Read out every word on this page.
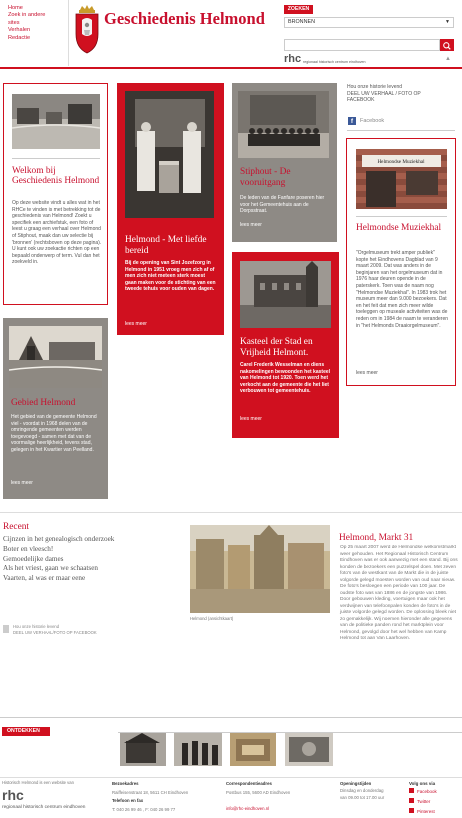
Home
Zoek in andere
sites
Verhalen
Redactie
Geschiedenis Helmond	ZOEKEN
BRONNEN	▼
rhc regionaal historisch centrum eindhoven	▲
Welkom bij Geschiedenis Helmond
Op deze website vindt u alles wat in het RHCe te vinden is met betrekking tot de geschiedenis van Helmond! Zoekt u specifiek een archiefstuk, een foto of leest u graag een verhaal over Helmond of Stiphout, maak dan uw selectie bij 'bronnen' (rechtsboven op deze pagina). U kunt ook uw zoekactie richten op een bepaald onderwerp of term. Vul dan het zoekveld in.
Helmond - Met liefde bereid
Bij de opening van Sint Jozefzorg in Helmond in 1951 vroeg men zich af of men zich niet meteen sterk moest gaan maken voor de stichting van een tweede tehuis voor ouden van dagen.
lees meer
Stiphout - De vooruitgang
De leden van de Fanfare poseren hier voor het Gemeentehuis aan de Dorpsstraat.
lees meer
Hou onze historie levend
DEEL UW VERHAAL / FOTO OP
FACEBOOK
f	Facebook
Helmondse Muziekhal
Helmondse Muziekhal
"Orgelmuseum trekt amper publiek" kopte het Eindhovens Dagblad van 9 maart 2009. Dat was anders in de beginjaren van het orgelmuseum dat in 1976 haar deuren opende in de paterskerk. Toen was de naam nog "Helmondse Muziekhal". In 1983 trok het museum meer dan 9.000 bezoekers. Dat en het feit dat men zich meer wilde toeleggen op museale activiteiten was de reden om in 1984 de naam te veranderen in "het Helmonds Draaiorgelmuseum".
lees meer
Kasteel der Stad en Vrijheid Helmont.
Carel Frederik Wesselman en diens nakomelingen bewoonden het kasteel van Helmond tot 1920. Toen werd het verkocht aan de gemeente die het liet verbouwen tot gemeentehuis.
lees meer
Gebied Helmond
Het gebied van de gemeente Helmond viel - voordat in 1968 delen van de omringende gemeenten werden toegevoegd - samen met dat van de voormalige heerlijkheid, tevens stad, gelegen in het Kwartier van Peelland.
lees meer
Recent
Cijnzen in het genealogisch onderzoek
Boter en vleesch!
Gemoedelijke dames
Als het vriest, gaan we schaatsen
Vaarten, al was er maar eene
Hou onze historie levend
DEEL UW VERHAAL/FOTO OP FACEBOOK
Helmond (ansichtkaart)
Helmond, Markt 31
Op 25 maart 2007 werd de Helmondse welkomstmarkt weer gehouden. Het Regionaal Historisch Centrum Eindhoven was er ook aanwezig met een stand. Bij ons konden de bezoekers een puzzelspel doen. Met zeven foto's van de westkant van de Markt die in de juiste volgorde gelegd moesten worden van oud naar nieuw. De foto's besloegen een periode van 100 jaar. De oudste foto was van 1886 en de jongste van 1986. Door gebouwen kleding, voertuigen maar ook het verdwijnen van telefoonpalen konden de foto's in de juiste volgorde gelegd worden. De oplossing bleek niet zo gemakkelijk. Wij noemen hieronder alle gegevens van de politieke panden rond het marktplein voor Helmond, gevolgd door het wel hebben van Kamp Helmond tot aan Van Laarhoven.
ONTDEKKEN
Historisch Helmond is een website van
rhc
regionaal historisch centrum eindhoven
Bezoekadres
Raiffeisenstraat 18, 5611 CH Eindhoven
Telefoon en fax
T: 040 26 99 46 , F: 040 26 99 77
Correspondentieadres
Postbus 155, 5600 AD Eindhoven
info@rhc-eindhoven.nl
Openingstijden
Dinsdag en donderdag
van 09.00 tot 17.00 uur
Volg ons via
Facebook
Twitter
Pinterest
